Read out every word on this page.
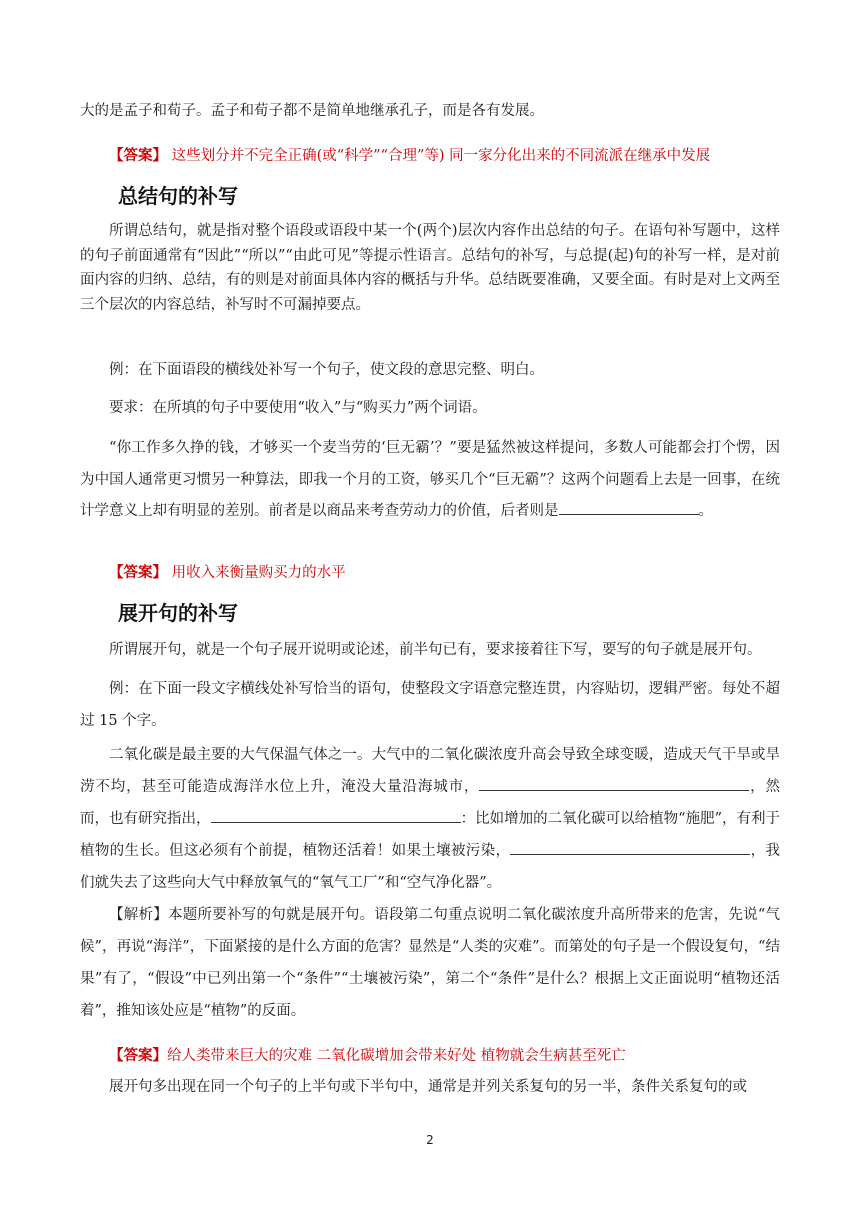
大的是孟子和荀子。孟子和荀子都不是简单地继承孔子，而是各有发展。
【答案】 这些划分并不完全正确(或“科学”“合理”等) 同一家分化出来的不同流派在继承中发展
总结句的补写

所谓总结句，就是指对整个语段或语段中某一个(两个)层次内容作出总结的句子。在语句补写题中，这样的句子前面通常有“因此”“所以”“由此可见”等提示性语言。总结句的补写，与总提(起)句的补写一样，是对前面内容的归纳、总结，有的则是对前面具体内容的概括与升华。总结既要准确，又要全面。有时是对上文两至三个层次的内容总结，补写时不可漏掉要点。

例：在下面语段的横线处补写一个句子，使文段的意思完整、明白。
要求：在所填的句子中要使用“收入”与“购买力”两个词语。

“你工作多久挣的钱，才够买一个麦当劳的‘巨无霸’？”要是猛然被这样提问，多数人可能都会打个愣，因为中国人通常更习惯另一种算法，即我一个月的工资，够买几个“巨无霸”？这两个问题看上去是一回事，在统计学意义上却有明显的差别。前者是以商品来考查劳动力的价值，后者则是	。

【答案】 用收入来衡量购买力的水平
展开句的补写

所谓展开句，就是一个句子展开说明或论述，前半句已有，要求接着往下写，要写的句子就是展开句。

例：在下面一段文字横线处补写恰当的语句，使整段文字语意完整连贯，内容贴切，逻辑严密。每处不超过 15 个字。

二氧化碳是最主要的大气保温气体之一。大气中的二氧化碳浓度升高会导致全球变暖，造成天气干旱或旱涝不均，甚至可能造成海洋水位上升，淹没大量沿海城市，	，然而，也有研究指出，	：比如增加的二氧化碳可以给植物“施肥”，有利于植物的生长。但这必须有个前提，植物还活着！如果土壤被污染，	，我们就失去了这些向大气中释放氧气的“氧气工厂”和“空气净化器”。

【解析】本题所要补写的句就是展开句。语段第二句重点说明二氧化碳浓度升高所带来的危害，先说“气候”，再说“海洋”，下面紧接的是什么方面的危害？显然是“人类的灾难”。而第处的句子是一个假设复句，“结果”有了，“假设”中已列出第一个“条件”“土壤被污染”，第二个“条件”是什么？根据上文正面说明“植物还活着”，推知该处应是“植物”的反面。

【答案】给人类带来巨大的灾难 二氧化碳增加会带来好处 植物就会生病甚至死亡
展开句多出现在同一个句子的上半句或下半句中，通常是并列关系复句的另一半，条件关系复句的或
2
